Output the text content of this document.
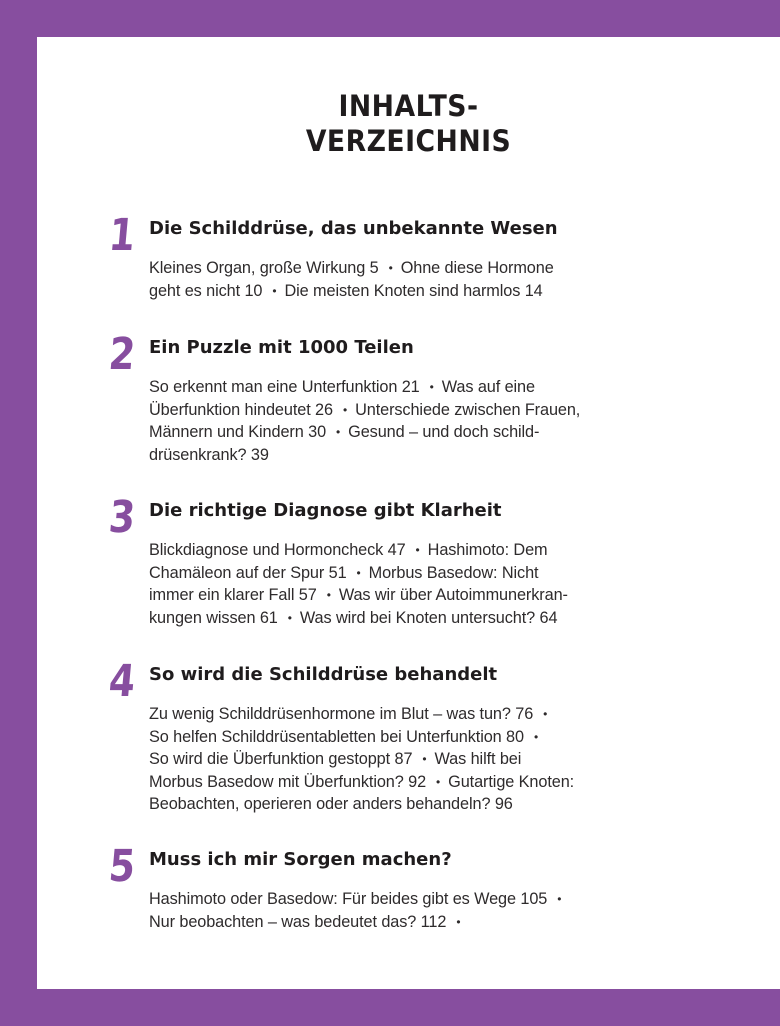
INHALTS-
VERZEICHNIS
1 Die Schilddrüse, das unbekannte Wesen
Kleines Organ, große Wirkung 5 • Ohne diese Hormone
geht es nicht 10 • Die meisten Knoten sind harmlos 14
2 Ein Puzzle mit 1000 Teilen
So erkennt man eine Unterfunktion 21 • Was auf eine
Überfunktion hindeutet 26 • Unterschiede zwischen Frauen,
Männern und Kindern 30 • Gesund – und doch schild-
drüsenkrank? 39
3 Die richtige Diagnose gibt Klarheit
Blickdiagnose und Hormoncheck 47 • Hashimoto: Dem
Chamäleon auf der Spur 51 • Morbus Basedow: Nicht
immer ein klarer Fall 57 • Was wir über Autoimmunerkran-
kungen wissen 61 • Was wird bei Knoten untersucht? 64
4 So wird die Schilddrüse behandelt
Zu wenig Schilddrüsenhormone im Blut – was tun? 76 •
So helfen Schilddrüsentabletten bei Unterfunktion 80 •
So wird die Überfunktion gestoppt 87 • Was hilft bei
Morbus Basedow mit Überfunktion? 92 • Gutartige Knoten:
Beobachten, operieren oder anders behandeln? 96
5 Muss ich mir Sorgen machen?
Hashimoto oder Basedow: Für beides gibt es Wege 105 •
Nur beobachten – was bedeutet das? 112 •
